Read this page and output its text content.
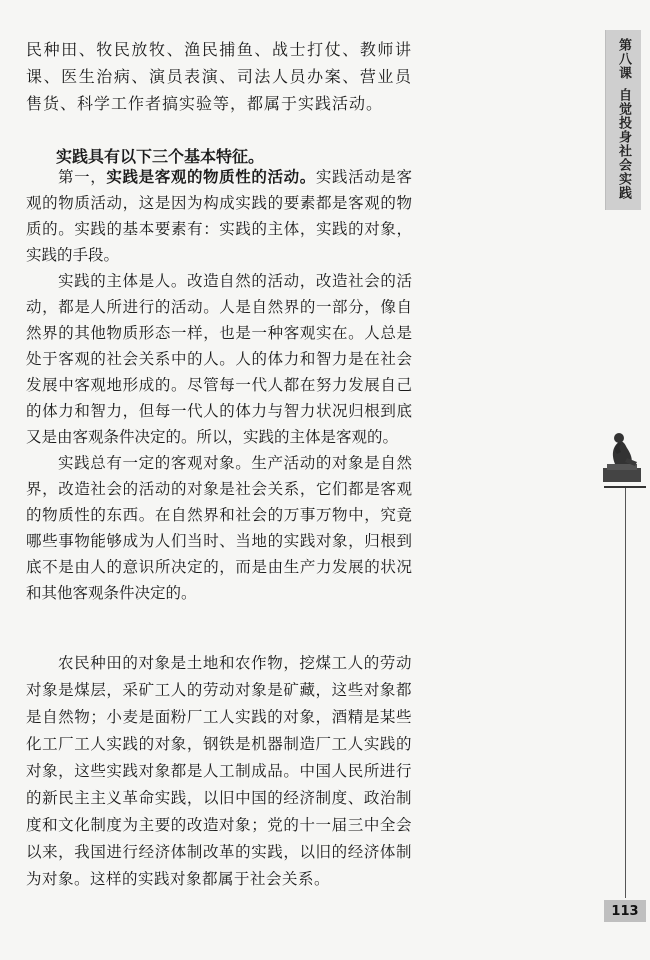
民种田、牧民放牧、渔民捕鱼、战士打仗、教师讲课、医生治病、演员表演、司法人员办案、营业员售货、科学工作者搞实验等，都属于实践活动。

实践具有以下三个基本特征。

第一，实践是客观的物质性的活动。实践活动是客观的物质活动，这是因为构成实践的要素都是客观的物质的。实践的基本要素有：实践的主体，实践的对象，实践的手段。

实践的主体是人。改造自然的活动，改造社会的活动，都是人所进行的活动。人是自然界的一部分，像自然界的其他物质形态一样，也是一种客观实在。人总是处于客观的社会关系中的人。人的体力和智力是在社会发展中客观地形成的。尽管每一代人都在努力发展自己的体力和智力，但每一代人的体力与智力状况归根到底又是由客观条件决定的。所以，实践的主体是客观的。

实践总有一定的客观对象。生产活动的对象是自然界，改造社会的活动的对象是社会关系，它们都是客观的物质性的东西。在自然界和社会的万事万物中，究竟哪些事物能够成为人们当时、当地的实践对象，归根到底不是由人的意识所决定的，而是由生产力发展的状况和其他客观条件决定的。

农民种田的对象是土地和农作物，挖煤工人的劳动对象是煤层，采矿工人的劳动对象是矿藏，这些对象都是自然物；小麦是面粉厂工人实践的对象，酒精是某些化工厂工人实践的对象，钢铁是机器制造厂工人实践的对象，这些实践对象都是人工制成品。中国人民所进行的新民主主义革命实践，以旧中国的经济制度、政治制度和文化制度为主要的改造对象；党的十一届三中全会以来，我国进行经济体制改革的实践，以旧的经济体制为对象。这样的实践对象都属于社会关系。

第八课
自觉投身社会实践
113
